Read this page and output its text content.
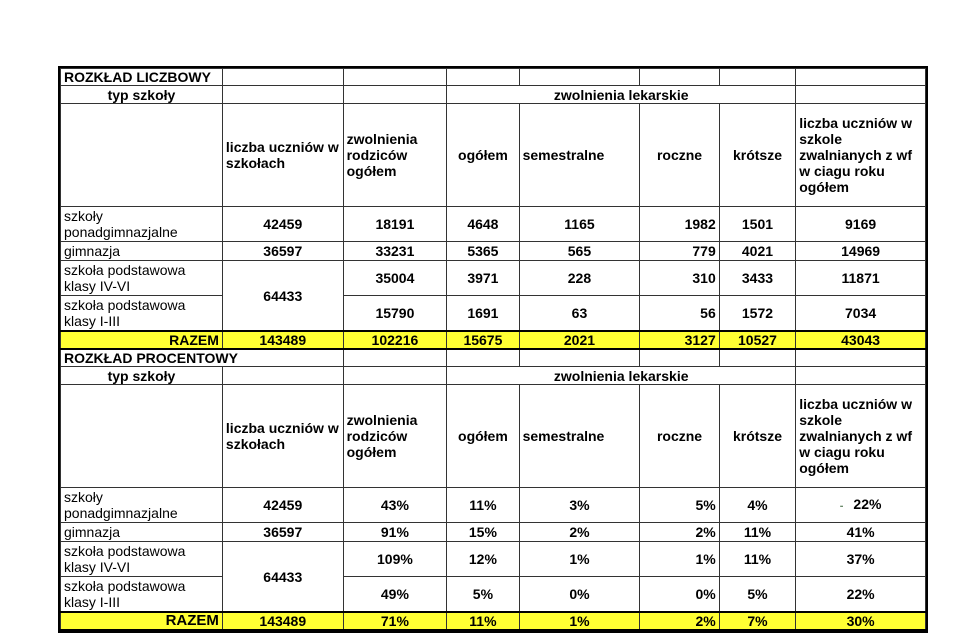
ROZKŁAD LICZBOWY							
typ szkoły			zwolnienia lekarskie				
	liczba uczniów w szkołach	zwolnienia rodziców ogółem	ogółem	semestralne	roczne	krótsze	liczba uczniów w szkole zwalnianych z wf w ciagu roku ogółem
szkoły ponadgimnazjalne	42459	18191	4648	1165	1982	1501	9169
gimnazja	36597	33231	5365	565	779	4021	14969
szkoła podstawowa klasy IV-VI	64433	35004	3971	228	310	3433	11871
szkoła podstawowa klasy I-III		15790	1691	63	56	1572	7034
RAZEM	143489	102216	15675	2021	3127	10527	43043
ROZKŁAD PROCENTOWY							
typ szkoły			zwolnienia lekarskie				
	liczba uczniów w szkołach	zwolnienia rodziców ogółem	ogółem	semestralne	roczne	krótsze	liczba uczniów w szkole zwalnianych z wf w ciagu roku ogółem
szkoły ponadgimnazjalne	42459	43%	11%	3%	5%	4%	- 22%
gimnazja	36597	91%	15%	2%	2%	11%	41%
szkoła podstawowa klasy IV-VI	64433	109%	12%	1%	1%	11%	37%
szkoła podstawowa klasy I-III		49%	5%	0%	0%	5%	22%
RAZEM	143489	71%	11%	1%	2%	7%	30%
